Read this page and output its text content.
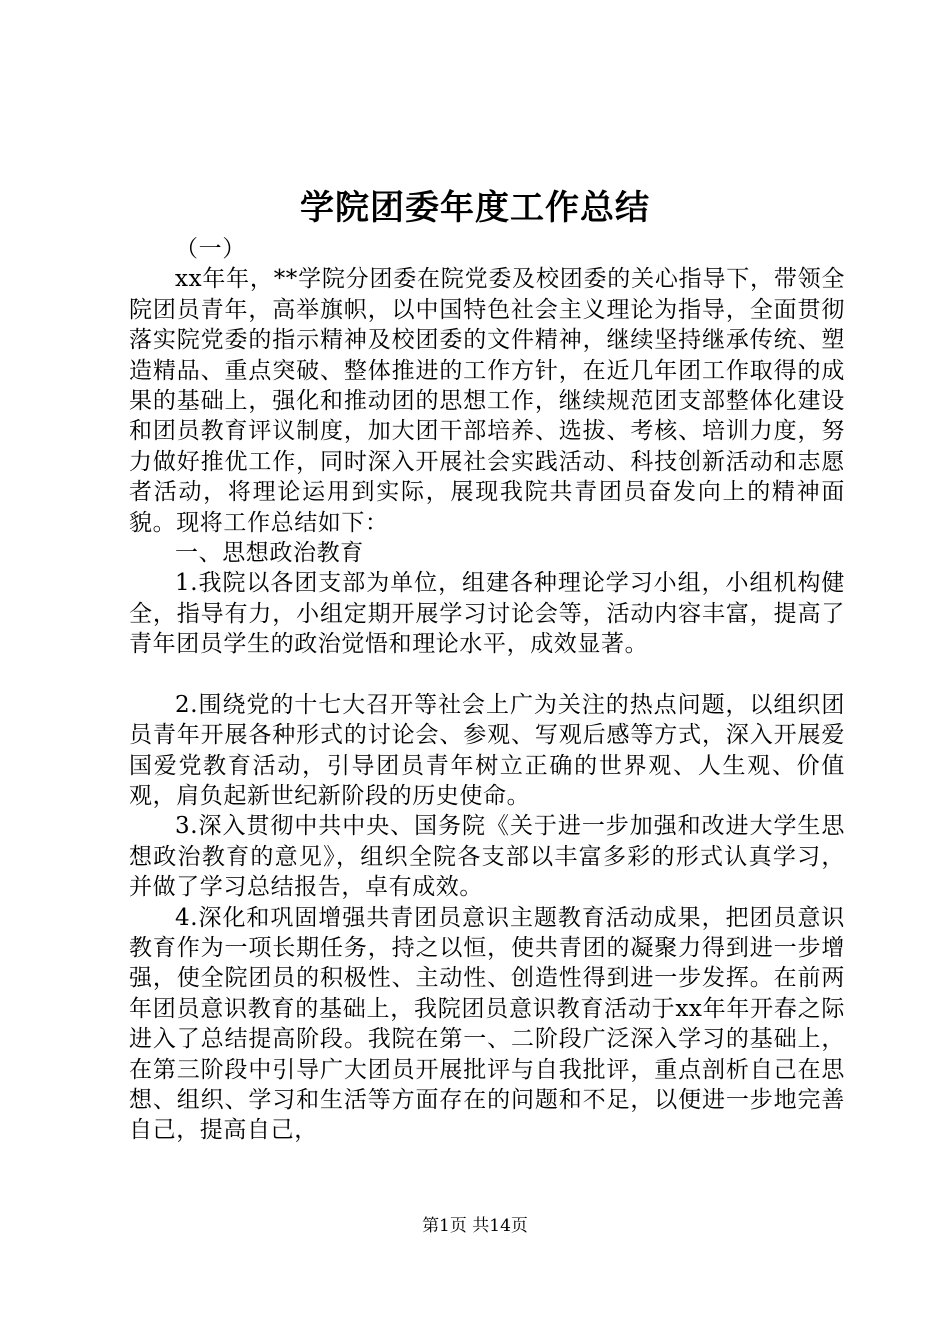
学院团委年度工作总结

（一）

xx年年，**学院分团委在院党委及校团委的关心指导下，带领全院团员青年，高举旗帜，以中国特色社会主义理论为指导，全面贯彻落实院党委的指示精神及校团委的文件精神，继续坚持继承传统、塑造精品、重点突破、整体推进的工作方针，在近几年团工作取得的成果的基础上，强化和推动团的思想工作，继续规范团支部整体化建设和团员教育评议制度，加大团干部培养、选拔、考核、培训力度，努力做好推优工作，同时深入开展社会实践活动、科技创新活动和志愿者活动，将理论运用到实际，展现我院共青团员奋发向上的精神面貌。现将工作总结如下：

一、思想政治教育

1.我院以各团支部为单位，组建各种理论学习小组，小组机构健全，指导有力，小组定期开展学习讨论会等，活动内容丰富，提高了青年团员学生的政治觉悟和理论水平，成效显著。

2.围绕党的十七大召开等社会上广为关注的热点问题，以组织团员青年开展各种形式的讨论会、参观、写观后感等方式，深入开展爱国爱党教育活动，引导团员青年树立正确的世界观、人生观、价值观，肩负起新世纪新阶段的历史使命。

3.深入贯彻中共中央、国务院《关于进一步加强和改进大学生思想政治教育的意见》，组织全院各支部以丰富多彩的形式认真学习，并做了学习总结报告，卓有成效。

4.深化和巩固增强共青团员意识主题教育活动成果，把团员意识教育作为一项长期任务，持之以恒，使共青团的凝聚力得到进一步增强，使全院团员的积极性、主动性、创造性得到进一步发挥。在前两年团员意识教育的基础上，我院团员意识教育活动于xx年年开春之际进入了总结提高阶段。我院在第一、二阶段广泛深入学习的基础上，在第三阶段中引导广大团员开展批评与自我批评，重点剖析自己在思想、组织、学习和生活等方面存在的问题和不足，以便进一步地完善自己，提高自己，

第1页 共14页
